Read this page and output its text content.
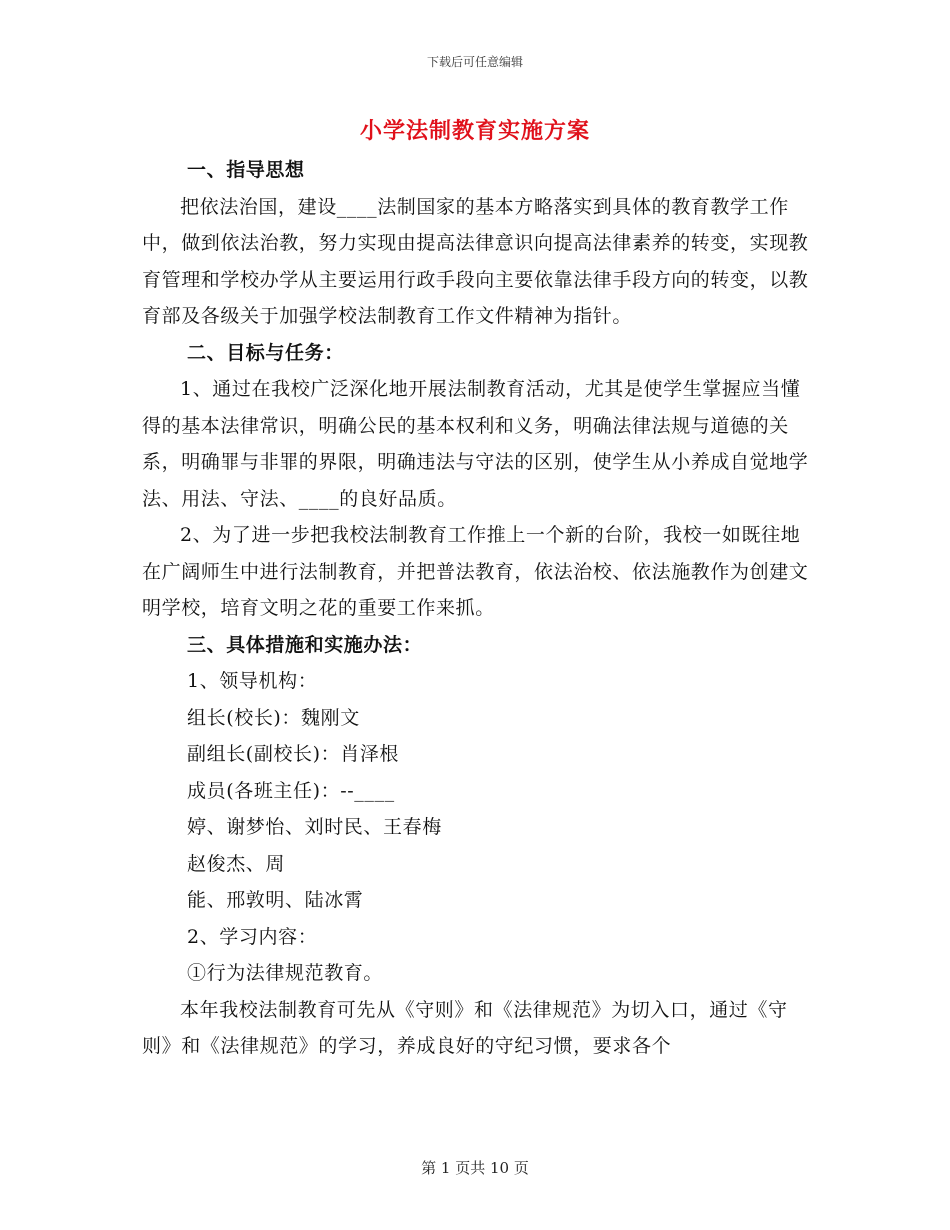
下载后可任意编辑
小学法制教育实施方案

一、指导思想

把依法治国，建设____法制国家的基本方略落实到具体的教育教学工作中，做到依法治教，努力实现由提高法律意识向提高法律素养的转变，实现教育管理和学校办学从主要运用行政手段向主要依靠法律手段方向的转变，以教育部及各级关于加强学校法制教育工作文件精神为指针。

二、目标与任务：

1、通过在我校广泛深化地开展法制教育活动，尤其是使学生掌握应当懂得的基本法律常识，明确公民的基本权利和义务，明确法律法规与道德的关系，明确罪与非罪的界限，明确违法与守法的区别，使学生从小养成自觉地学法、用法、守法、____的良好品质。

2、为了进一步把我校法制教育工作推上一个新的台阶，我校一如既往地在广阔师生中进行法制教育，并把普法教育，依法治校、依法施教作为创建文明学校，培育文明之花的重要工作来抓。

三、具体措施和实施办法：

1、领导机构：

组长(校长)：魏刚文

副组长(副校长)：肖泽根

成员(各班主任)：--____

婷、谢梦怡、刘时民、王春梅

赵俊杰、周

能、邢敦明、陆冰霄

2、学习内容：

①行为法律规范教育。

本年我校法制教育可先从《守则》和《法律规范》为切入口，通过《守则》和《法律规范》的学习，养成良好的守纪习惯，要求各个

第 1 页共 10 页
